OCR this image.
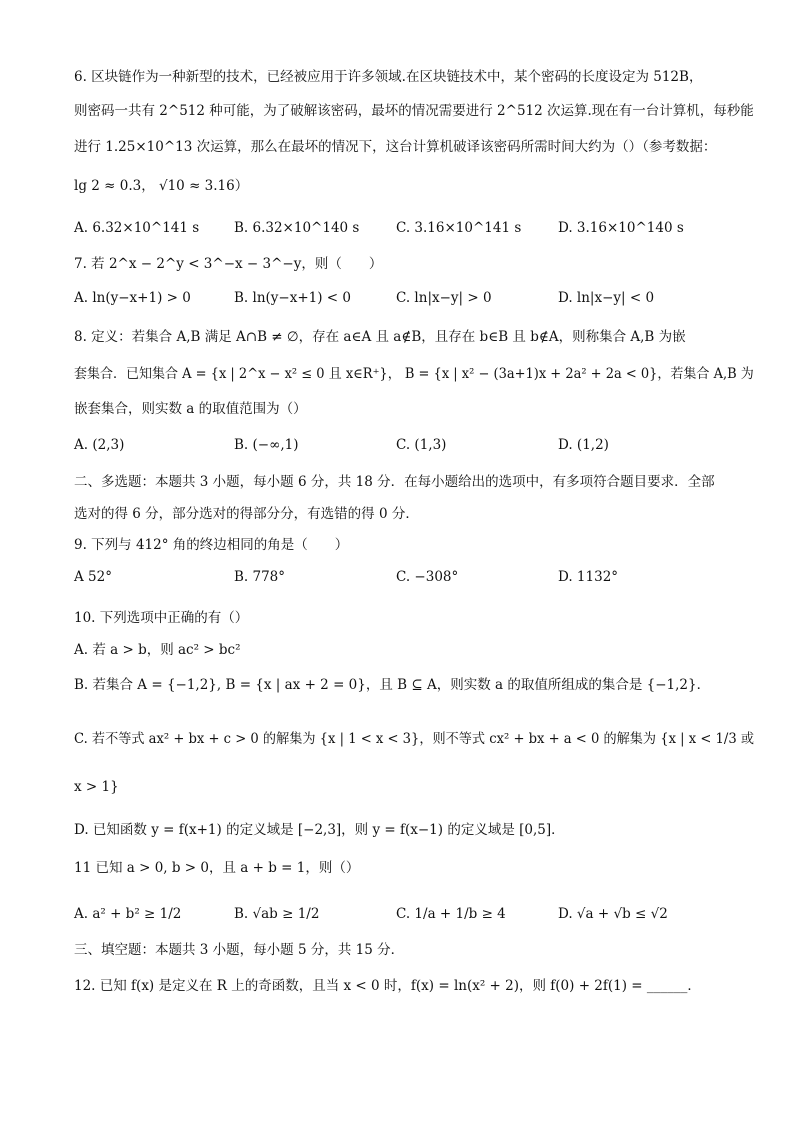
6. 区块链作为一种新型的技术，已经被应用于许多领域.在区块链技术中，某个密码的长度设定为 512B，
则密码一共有 2^512 种可能，为了破解该密码，最坏的情况需要进行 2^512 次运算.现在有一台计算机，每秒能
进行 1.25×10^13 次运算，那么在最坏的情况下，这台计算机破译该密码所需时间大约为（）（参考数据：
lg 2 ≈ 0.3， √10 ≈ 3.16）
A. 6.32×10^141 s	B. 6.32×10^140 s	C. 3.16×10^141 s	D. 3.16×10^140 s
7. 若 2^x − 2^y < 3^−x − 3^−y，则（　　）
A. ln(y−x+1) > 0	B. ln(y−x+1) < 0	C. ln|x−y| > 0	D. ln|x−y| < 0
8. 定义：若集合 A,B 满足 A∩B ≠ ∅，存在 a∈A 且 a∉B，且存在 b∈B 且 b∉A，则称集合 A,B 为嵌
套集合．已知集合 A = {x | 2^x − x² ≤ 0 且 x∈R⁺}， B = {x | x² − (3a+1)x + 2a² + 2a < 0}，若集合 A,B 为
嵌套集合，则实数 a 的取值范围为（）
A. (2,3)	B. (−∞,1)	C. (1,3)	D. (1,2)
二、多选题：本题共 3 小题，每小题 6 分，共 18 分．在每小题给出的选项中，有多项符合题目要求．全部
选对的得 6 分，部分选对的得部分分，有选错的得 0 分．
9. 下列与 412° 角的终边相同的角是（　　）
A 52°	B. 778°	C. −308°	D. 1132°
10. 下列选项中正确的有（）
A. 若 a > b，则 ac² > bc²
B. 若集合 A = {−1,2}, B = {x | ax + 2 = 0}，且 B ⊆ A，则实数 a 的取值所组成的集合是 {−1,2}．
C. 若不等式 ax² + bx + c > 0 的解集为 {x | 1 < x < 3}，则不等式 cx² + bx + a < 0 的解集为 {x | x < 1/3 或
x > 1}
D. 已知函数 y = f(x+1) 的定义域是 [−2,3]，则 y = f(x−1) 的定义域是 [0,5]．
11 已知 a > 0, b > 0，且 a + b = 1，则（）
A. a² + b² ≥ 1/2	B. √ab ≥ 1/2	C. 1/a + 1/b ≥ 4	D. √a + √b ≤ √2
三、填空题：本题共 3 小题，每小题 5 分，共 15 分．
12. 已知 f(x) 是定义在 R 上的奇函数，且当 x < 0 时，f(x) = ln(x² + 2)，则 f(0) + 2f(1) = ______．
